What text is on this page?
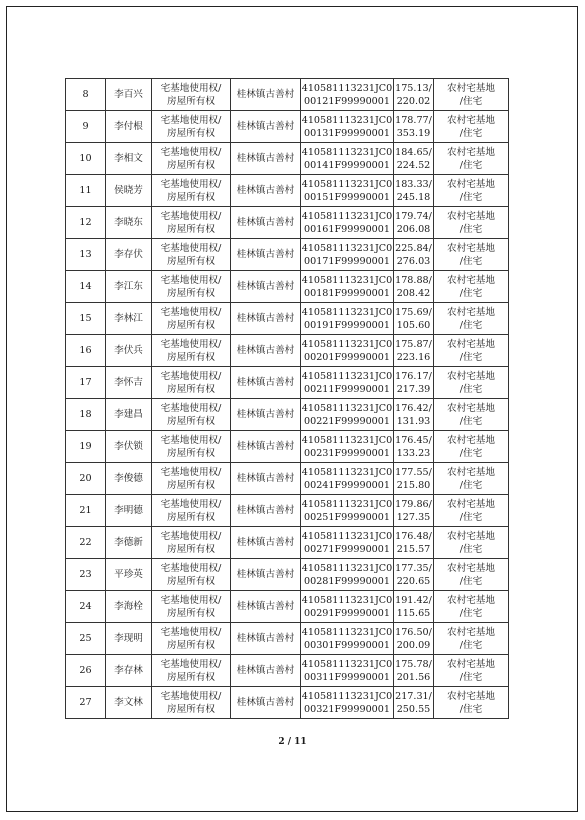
8	李百兴	宅基地使用权/
房屋所有权	桂林镇古善村	410581113231JC0
00121F99990001	175.13/
220.02	农村宅基地
/住宅

9	李付根	宅基地使用权/
房屋所有权	桂林镇古善村	410581113231JC0
00131F99990001	178.77/
353.19	农村宅基地
/住宅

10	李相文	宅基地使用权/
房屋所有权	桂林镇古善村	410581113231JC0
00141F99990001	184.65/
224.52	农村宅基地
/住宅

11	侯晓芳	宅基地使用权/
房屋所有权	桂林镇古善村	410581113231JC0
00151F99990001	183.33/
245.18	农村宅基地
/住宅

12	李晓东	宅基地使用权/
房屋所有权	桂林镇古善村	410581113231JC0
00161F99990001	179.74/
206.08	农村宅基地
/住宅

13	李存伏	宅基地使用权/
房屋所有权	桂林镇古善村	410581113231JC0
00171F99990001	225.84/
276.03	农村宅基地
/住宅

14	李江东	宅基地使用权/
房屋所有权	桂林镇古善村	410581113231JC0
00181F99990001	178.88/
208.42	农村宅基地
/住宅

15	李林江	宅基地使用权/
房屋所有权	桂林镇古善村	410581113231JC0
00191F99990001	175.69/
105.60	农村宅基地
/住宅

16	李伏兵	宅基地使用权/
房屋所有权	桂林镇古善村	410581113231JC0
00201F99990001	175.87/
223.16	农村宅基地
/住宅

17	李怀吉	宅基地使用权/
房屋所有权	桂林镇古善村	410581113231JC0
00211F99990001	176.17/
217.39	农村宅基地
/住宅

18	李建昌	宅基地使用权/
房屋所有权	桂林镇古善村	410581113231JC0
00221F99990001	176.42/
131.93	农村宅基地
/住宅

19	李伏锁	宅基地使用权/
房屋所有权	桂林镇古善村	410581113231JC0
00231F99990001	176.45/
133.23	农村宅基地
/住宅

20	李俊德	宅基地使用权/
房屋所有权	桂林镇古善村	410581113231JC0
00241F99990001	177.55/
215.80	农村宅基地
/住宅

21	李明德	宅基地使用权/
房屋所有权	桂林镇古善村	410581113231JC0
00251F99990001	179.86/
127.35	农村宅基地
/住宅

22	李德新	宅基地使用权/
房屋所有权	桂林镇古善村	410581113231JC0
00271F99990001	176.48/
215.57	农村宅基地
/住宅

23	平珍英	宅基地使用权/
房屋所有权	桂林镇古善村	410581113231JC0
00281F99990001	177.35/
220.65	农村宅基地
/住宅

24	李海栓	宅基地使用权/
房屋所有权	桂林镇古善村	410581113231JC0
00291F99990001	191.42/
115.65	农村宅基地
/住宅

25	李现明	宅基地使用权/
房屋所有权	桂林镇古善村	410581113231JC0
00301F99990001	176.50/
200.09	农村宅基地
/住宅

26	李存林	宅基地使用权/
房屋所有权	桂林镇古善村	410581113231JC0
00311F99990001	175.78/
201.56	农村宅基地
/住宅

27	李文林	宅基地使用权/
房屋所有权	桂林镇古善村	410581113231JC0
00321F99990001	217.31/
250.55	农村宅基地
/住宅
2 / 11
